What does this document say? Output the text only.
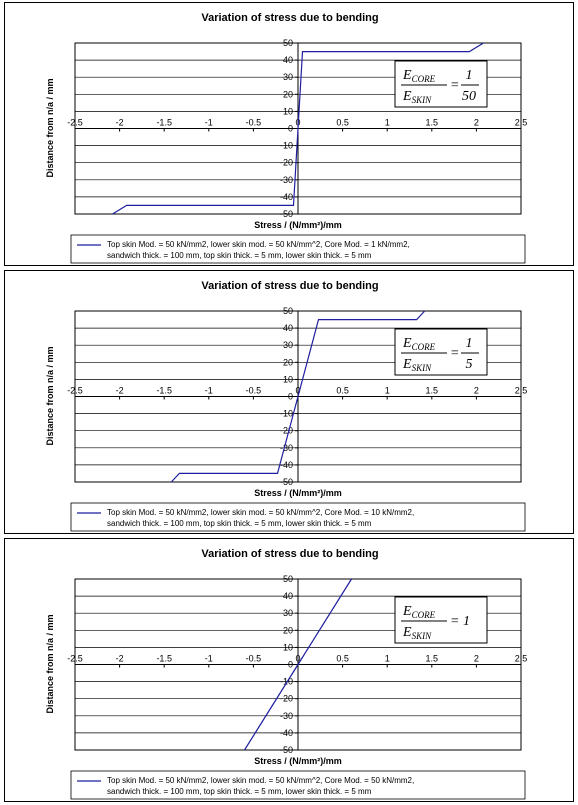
Variation of stress due to bending
50
40
30
20
10
0
-10
-20
-30
-40
-50
-2.5	-2	-1.5	-1	-0.5	0	0.5	1	1.5	2	2.5
Distance from n/a / mm
Stress / (N/mm²)/mm
$E_{CORE}$
$E_{SKIN}$
=
1
50
Top skin Mod. = 50 kN/mm2, lower skin mod. = 50 kN/mm^2, Core Mod. = 1 kN/mm2,
sandwich thick. = 100 mm, top skin thick. = 5 mm, lower skin thick. = 5 mm
Variation of stress due to bending
50
40
30
20
10
0
-10
-20
-30
-40
-50
-2.5	-2	-1.5	-1	-0.5	0	0.5	1	1.5	2	2.5
Distance from n/a / mm
Stress / (N/mm²)/mm
$E_{CORE}$
$E_{SKIN}$
=
1
5
Top skin Mod. = 50 kN/mm2, lower skin mod. = 50 kN/mm^2, Core Mod. = 10 kN/mm2,
sandwich thick. = 100 mm, top skin thick. = 5 mm, lower skin thick. = 5 mm
Variation of stress due to bending
50
40
30
20
10
0
-10
-20
-30
-40
-50
-2.5	-2	-1.5	-1	-0.5	0	0.5	1	1.5	2	2.5
Distance from n/a / mm
Stress / (N/mm²)/mm
$E_{CORE}$
$E_{SKIN}$
= 1
Top skin Mod. = 50 kN/mm2, lower skin mod. = 50 kN/mm^2, Core Mod. = 50 kN/mm2,
sandwich thick. = 100 mm, top skin thick. = 5 mm, lower skin thick. = 5 mm
